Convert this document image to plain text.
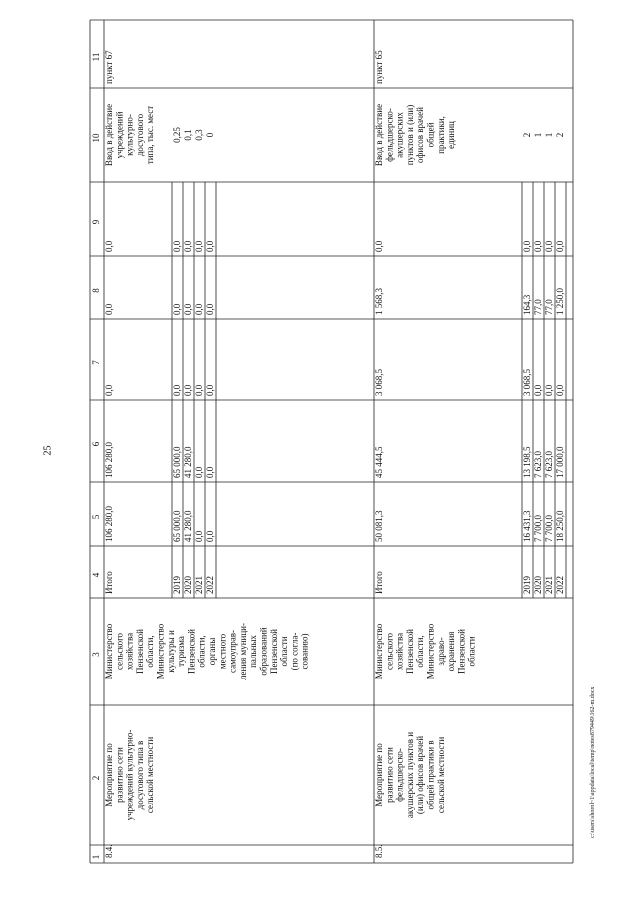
25
c:\users\shorol~1\appdata\local\temp\notes879449\162-m.docx
1
2
3
4
5
6
7
8
9
10
11
8.4.
Мероприятие по развитию сети учреждений культурно- досугового типа в сельской местности
Министерство сельского хозяйства Пензенской области, Министерство культуры и туризма Пензенской области, органы местного самоуправ- ления муници- пальных образований Пензенской области (по согла- сованию)
Итого
106 280,0
106 280,0
0,0
0,0
0,0
Ввод в действие учреждений культурно- досугового типа, тыс. мест
пункт 67
2019
65 000,0
65 000,0
0,0
0,0
0,0
0,25
2020
41 280,0
41 280,0
0,0
0,0
0,0
0,1
2021
0,0
0,0
0,0
0,0
0,0
0,3
2022
0,0
0,0
0,0
0,0
0,0
0
8.5.
Мероприятие по развитию сети фельдшерско- акушерских пунктов и (или) офисов врачей общей практики в сельской местности
Министерство сельского хозяйства Пензенской области, Министерство здраво- охранения Пензенской области
Итого
50 081,3
45 444,5
3 068,5
1 568,3
0,0
Ввод в действие фельдшерско- акушерских пунктов и (или) офисов врачей общей практики, единиц
пункт 65
2019
16 431,3
13 198,5
3 068,5
164,3
0,0
2
2020
7 700,0
7 623,0
0,0
77,0
0,0
1
2021
7 700,0
7 623,0
0,0
77,0
0,0
1
2022
18 250,0
17 000,0
0,0
1 250,0
0,0
2
